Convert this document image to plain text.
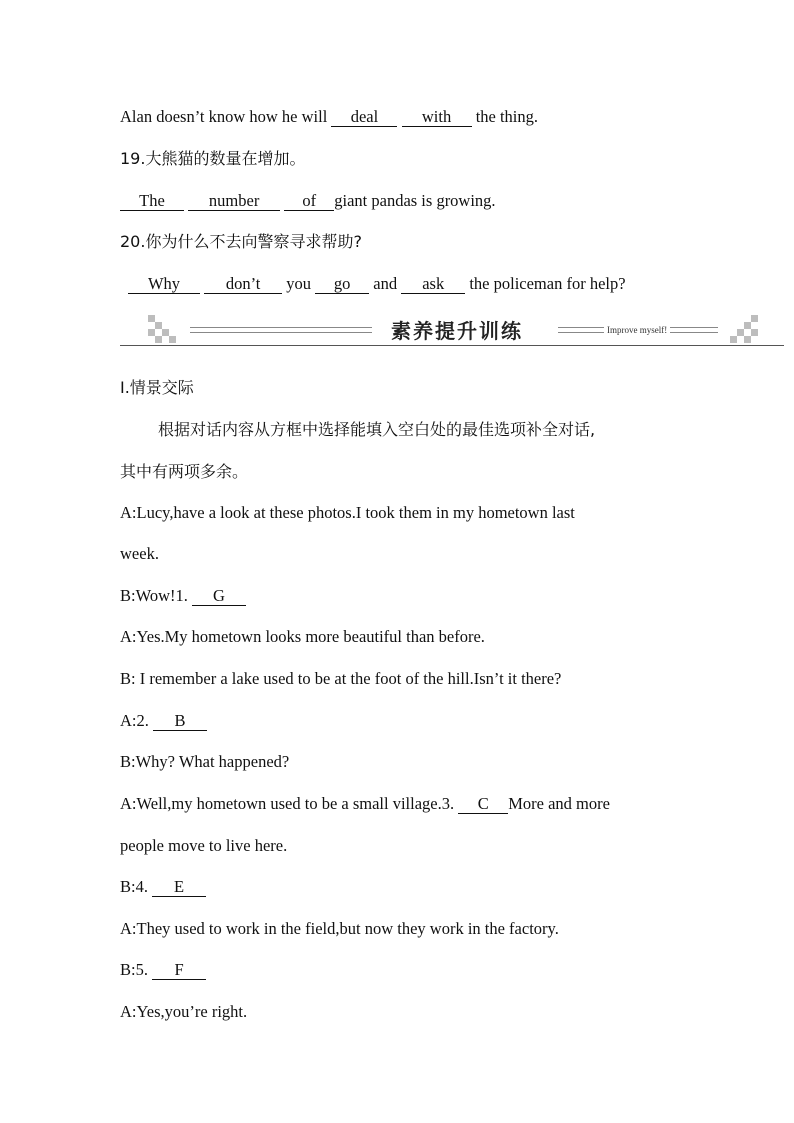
Alan doesn’t know how he will deal	with the thing.
19.大熊猫的数量在增加。
The	number	of giant pandas is growing.
20.你为什么不去向警察寻求帮助?
Why	don’t you go and ask the policeman for help?
素养提升训练	Improve myself!
Ⅰ.情景交际
根据对话内容从方框中选择能填入空白处的最佳选项补全对话,
其中有两项多余。
A:Lucy,have a look at these photos.I took them in my hometown last
week.
B:Wow!1. G
A:Yes.My hometown looks more beautiful than before.
B: I remember a lake used to be at the foot of the hill.Isn’t it there?
A:2. B
B:Why? What happened?
A:Well,my hometown used to be a small village.3. C More and more
people move to live here.
B:4. E
A:They used to work in the field,but now they work in the factory.
B:5. F
A:Yes,you’re right.
